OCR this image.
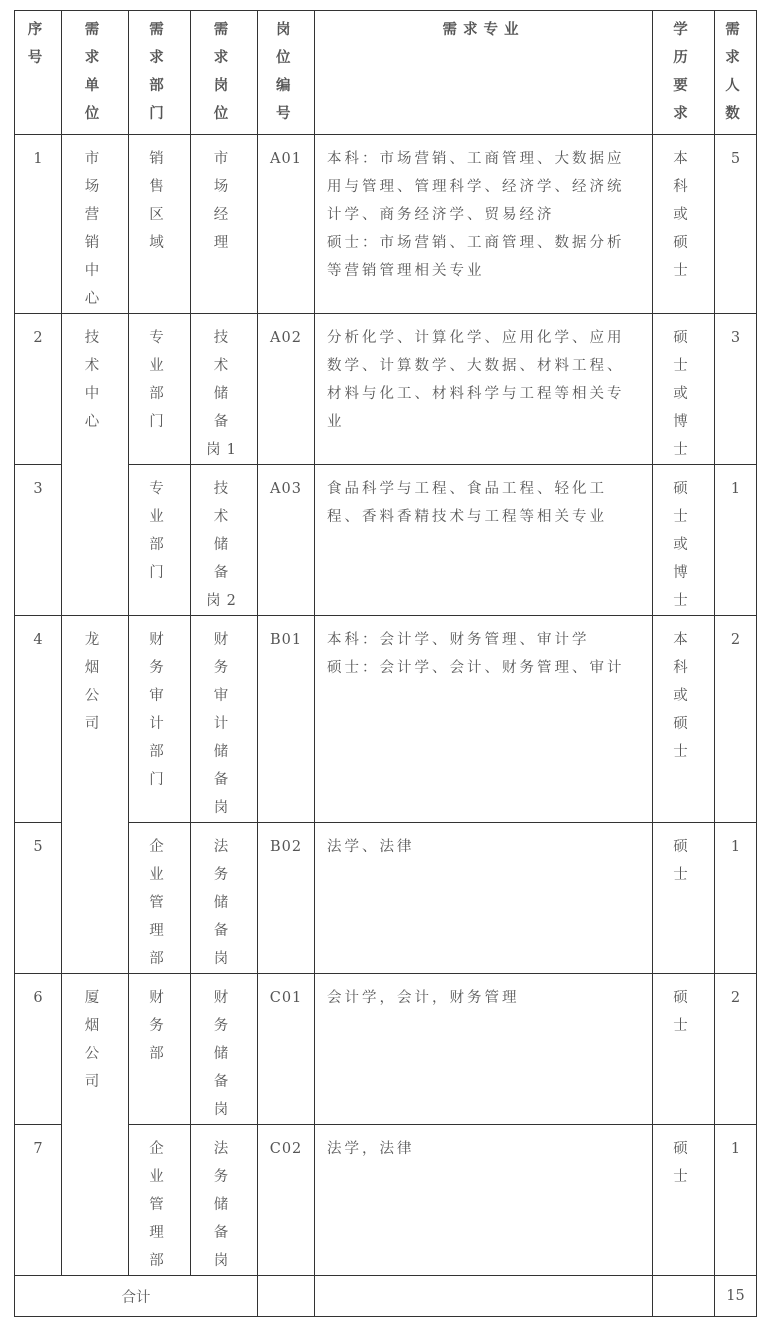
序号	需求单位	需求部门	需求岗位	岗位编号	需求专业	学历要求	需求人数

1	市场营销中心	销售区域	市场经理	A01	本科：市场营销、工商管理、大数据应用与管理、管理科学、经济学、经济统计学、商务经济学、贸易经济
硕士：市场营销、工商管理、数据分析等营销管理相关专业	本科或硕士	5

2	技术中心	专业部门	技术储备岗1	A02	分析化学、计算化学、应用化学、应用数学、计算数学、大数据、材料工程、材料与化工、材料科学与工程等相关专业	硕士或博士	3

3		专业部门	技术储备岗2	A03	食品科学与工程、食品工程、轻化工程、香料香精技术与工程等相关专业	硕士或博士	1

4	龙烟公司	财务审计部门	财务审计储备岗	B01	本科：会计学、财务管理、审计学
硕士：会计学、会计、财务管理、审计	本科或硕士	2

5		企业管理部	法务储备岗	B02	法学、法律	硕士	1

6	厦烟公司	财务部	财务储备岗	C01	会计学，会计，财务管理	硕士	2

7		企业管理部	法务储备岗	C02	法学，法律	硕士	1

合计							15
